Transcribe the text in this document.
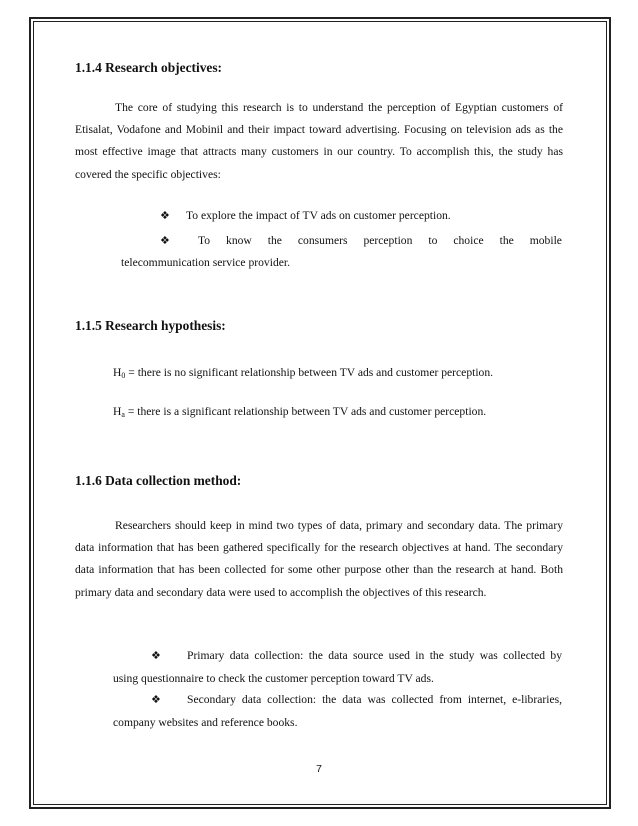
1.1.4 Research objectives:

The core of studying this research is to understand the perception of Egyptian customers of Etisalat, Vodafone and Mobinil and their impact toward advertising. Focusing on television ads as the most effective image that attracts many customers in our country. To accomplish this, the study has covered the specific objectives:

❖ To explore the impact of TV ads on customer perception.
❖	To know the consumers perception to choice the mobile
telecommunication service provider.
1.1.5 Research hypothesis:
$H_0$ = there is no significant relationship between TV ads and customer perception.
$H_a$ = there is a significant relationship between TV ads and customer perception.
1.1.6 Data collection method:

Researchers should keep in mind two types of data, primary and secondary data. The primary data information that has been gathered specifically for the research objectives at hand. The secondary data information that has been collected for some other purpose other than the research at hand. Both primary data and secondary data were used to accomplish the objectives of this research.

❖	Primary data collection: the data source used in the study was collected by
using questionnaire to check the customer perception toward TV ads.
❖	Secondary data collection: the data was collected from internet, e-libraries,
company websites and reference books.
7
